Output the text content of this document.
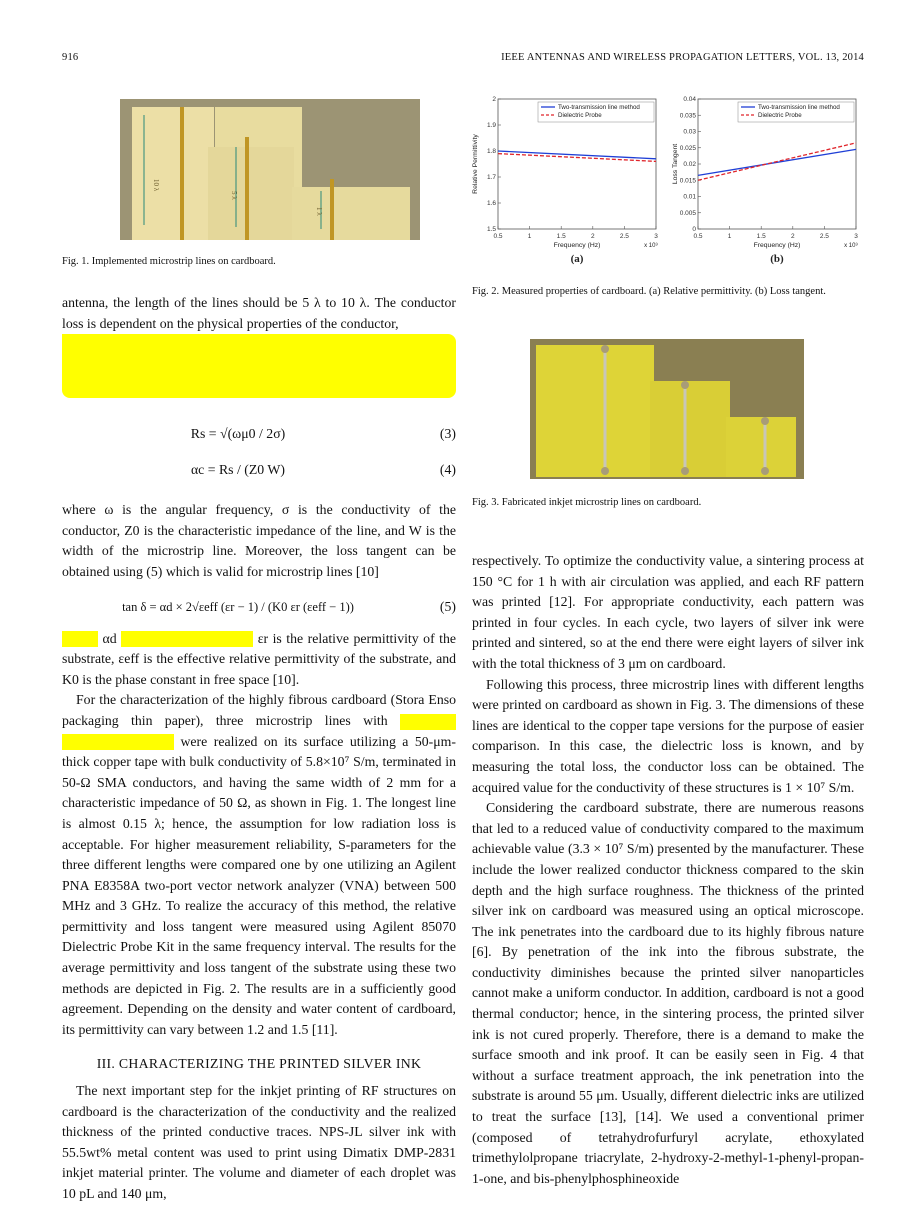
916	IEEE ANTENNAS AND WIRELESS PROPAGATION LETTERS, VOL. 13, 2014
10 λ
5 λ
1 λ
Fig. 1. Implemented microstrip lines on cardboard.
0.5	1	1.5	2	2.5	3
1.5
1.6
1.7
1.8
1.9
2
Two-transmission line method
Dielectric Probe
Frequency (Hz)	x 10⁹
Relative Permittivity
(a)
0.5	1	1.5	2	2.5	3
0
0.005
0.01
0.015
0.02
0.025
0.03
0.035
0.04
Two-transmission line method
Dielectric Probe
Frequency (Hz)	x 10⁹
Loss Tangent
(b)
Fig. 2. Measured properties of cardboard. (a) Relative permittivity. (b) Loss tangent.
Fig. 3. Fabricated inkjet microstrip lines on cardboard.

antenna, the length of the lines should be 5 λ to 10 λ. The conductor loss is dependent on the physical properties of the conductor,

Rs = √(ωμ0 / 2σ)	(3)
αc = Rs / (Z0 W)	(4)

where ω is the angular frequency, σ is the conductivity of the conductor, Z0 is the characteristic impedance of the line, and W is the width of the microstrip line. Moreover, the loss tangent can be obtained using (5) which is valid for microstrip lines [10]

tan δ = αd × 2√εeff (εr − 1) / (K0 εr (εeff − 1))	(5)

αd	εr is the relative permittivity of the substrate, εeff is the effective relative permittivity of the substrate, and K0 is the phase constant in free space [10].

For the characterization of the highly fibrous cardboard (Stora Enso packaging thin paper), three microstrip lines with   were realized on its surface utilizing a 50-μm-thick copper tape with bulk conductivity of 5.8×10⁷ S/m, terminated in 50-Ω SMA conductors, and having the same width of 2 mm for a characteristic impedance of 50 Ω, as shown in Fig. 1. The longest line is almost 0.15 λ; hence, the assumption for low radiation loss is acceptable. For higher measurement reliability, S-parameters for the three different lengths were compared one by one utilizing an Agilent PNA E8358A two-port vector network analyzer (VNA) between 500 MHz and 3 GHz. To realize the accuracy of this method, the relative permittivity and loss tangent were measured using Agilent 85070 Dielectric Probe Kit in the same frequency interval. The results for the average permittivity and loss tangent of the substrate using these two methods are depicted in Fig. 2. The results are in a sufficiently good agreement. Depending on the density and water content of cardboard, its permittivity can vary between 1.2 and 1.5 [11].

III. CHARACTERIZING THE PRINTED SILVER INK

The next important step for the inkjet printing of RF structures on cardboard is the characterization of the conductivity and the realized thickness of the printed conductive traces. NPS-JL silver ink with 55.5wt% metal content was used to print using Dimatix DMP-2831 inkjet material printer. The volume and diameter of each droplet was 10 pL and 140 μm,

respectively. To optimize the conductivity value, a sintering process at 150 °C for 1 h with air circulation was applied, and each RF pattern was printed [12]. For appropriate conductivity, each pattern was printed in four cycles. In each cycle, two layers of silver ink were printed and sintered, so at the end there were eight layers of silver ink with the total thickness of 3 μm on cardboard.

Following this process, three microstrip lines with different lengths were printed on cardboard as shown in Fig. 3. The dimensions of these lines are identical to the copper tape versions for the purpose of easier comparison. In this case, the dielectric loss is known, and by measuring the total loss, the conductor loss can be obtained. The acquired value for the conductivity of these structures is 1 × 10⁷ S/m.

Considering the cardboard substrate, there are numerous reasons that led to a reduced value of conductivity compared to the maximum achievable value (3.3 × 10⁷ S/m) presented by the manufacturer. These include the lower realized conductor thickness compared to the skin depth and the high surface roughness. The thickness of the printed silver ink on cardboard was measured using an optical microscope. The ink penetrates into the cardboard due to its highly fibrous nature [6]. By penetration of the ink into the fibrous substrate, the conductivity diminishes because the printed silver nanoparticles cannot make a uniform conductor. In addition, cardboard is not a good thermal conductor; hence, in the sintering process, the printed silver ink is not cured properly. Therefore, there is a demand to make the surface smooth and ink proof. It can be easily seen in Fig. 4 that without a surface treatment approach, the ink penetration into the substrate is around 55 μm. Usually, different dielectric inks are utilized to treat the surface [13], [14]. We used a conventional primer (composed of tetrahydrofurfuryl acrylate, ethoxylated trimethylolpropane triacrylate, 2-hydroxy-2-methyl-1-phenyl-propan-1-one, and bis-phenylphosphineoxide
